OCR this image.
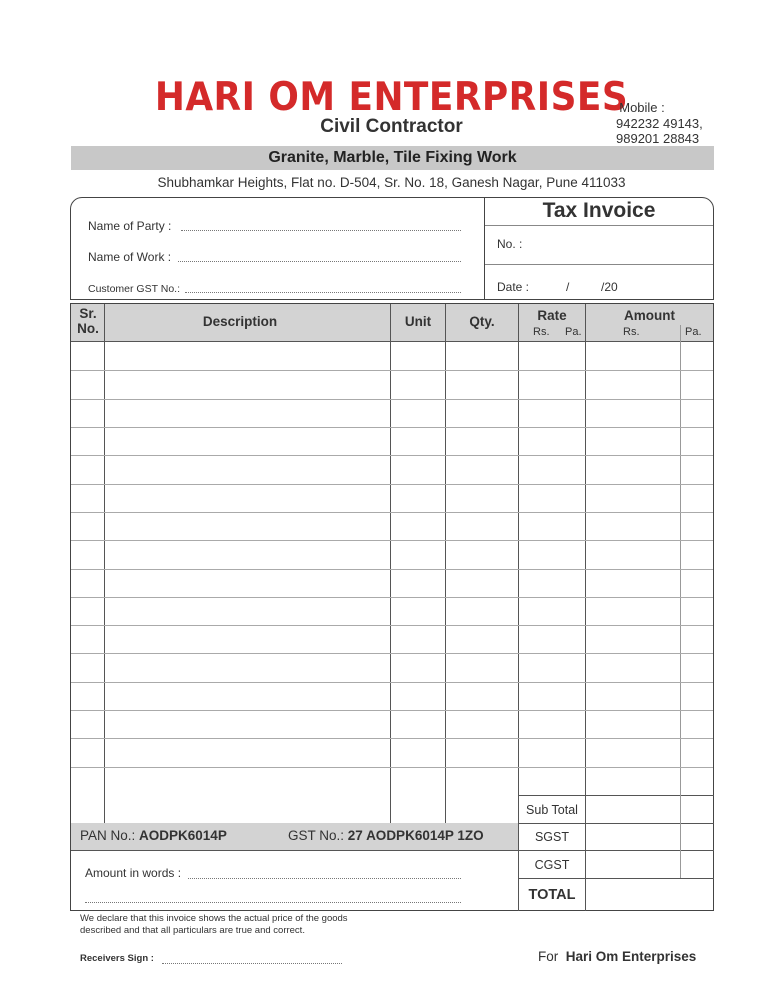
HARI OM ENTERPRISES
Civil Contractor
Mobile :
942232 49143,
989201 28843
Granite, Marble, Tile Fixing Work
Shubhamkar Heights, Flat no. D-504, Sr. No. 18, Ganesh Nagar, Pune 411033
Name of Party :
Name of Work :
Customer GST No.:
Tax Invoice
No. :
Date :	/	/20
Sr.
No.	Description	Unit	Qty.	Rate	Amount
Rs. Pa.	Rs.	Pa.
PAN No.: AODPK6014P	GST No.: 27 AODPK6014P 1ZO
Amount in words :
Sub Total
SGST
CGST
TOTAL
We declare that this invoice shows the actual price of the goods
described and that all particulars are true and correct.
Receivers Sign :	For Hari Om Enterprises
